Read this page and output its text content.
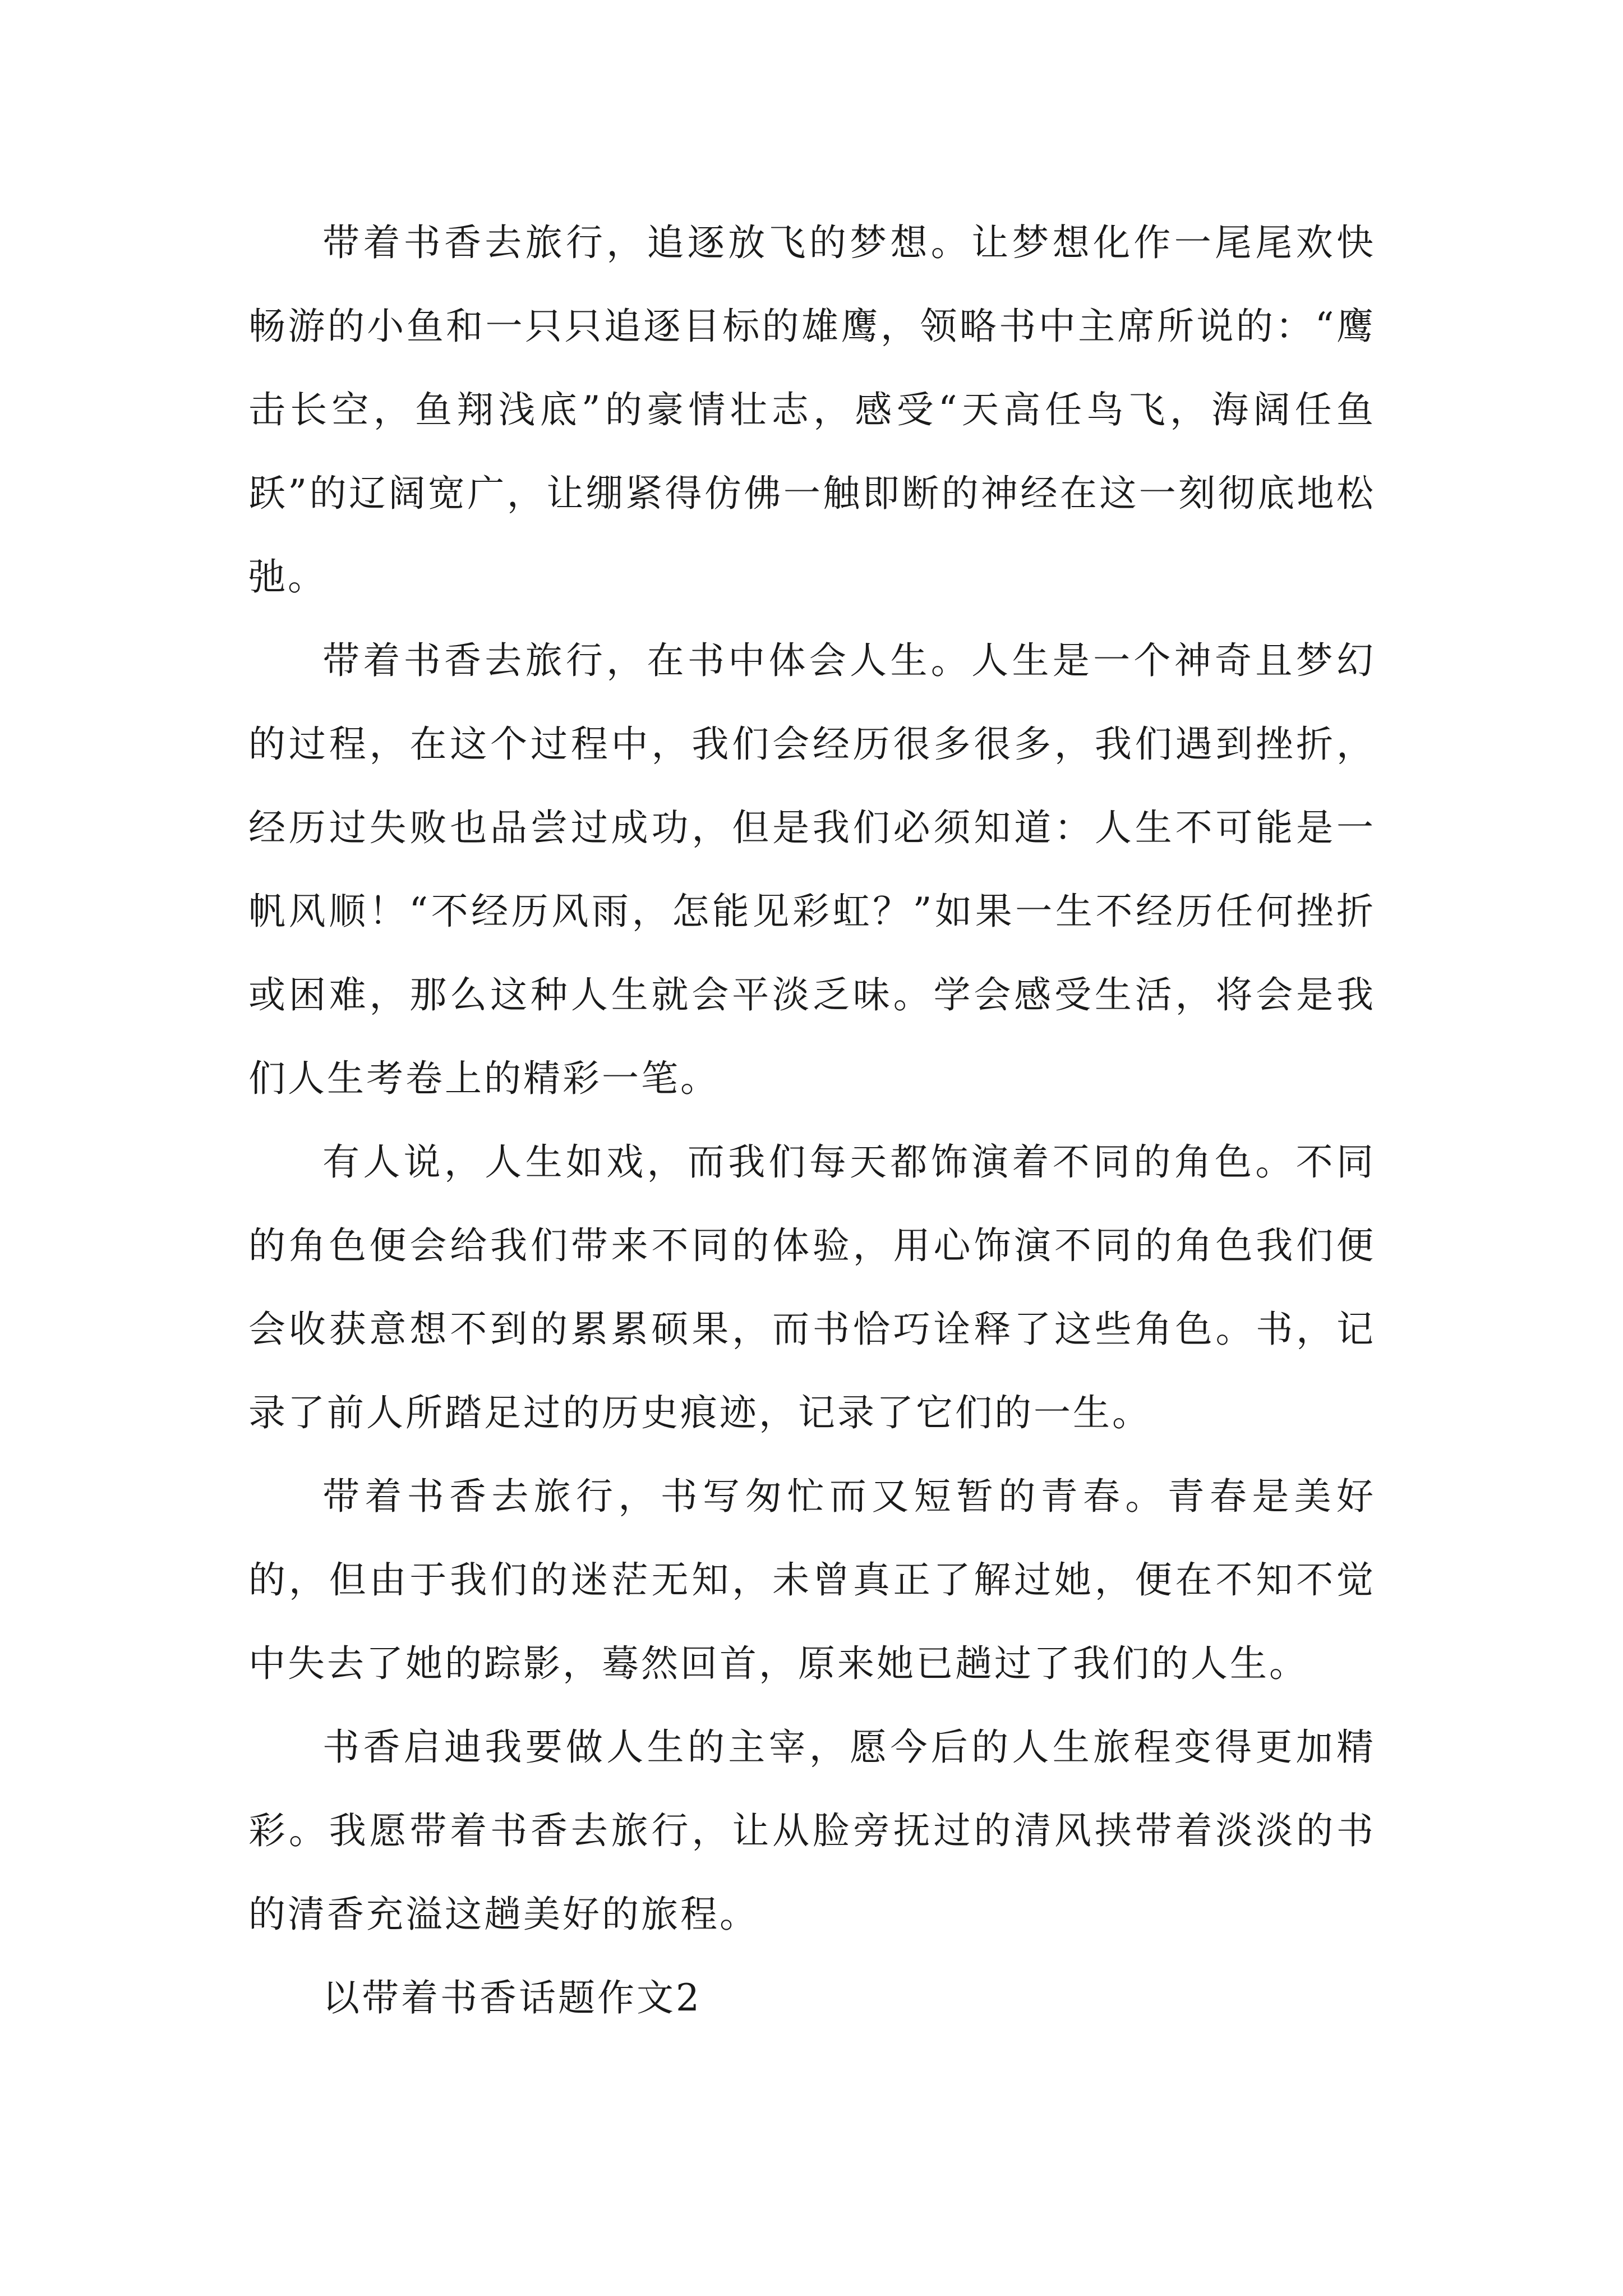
带着书香去旅行，追逐放飞的梦想。让梦想化作一尾尾欢快畅游的小鱼和一只只追逐目标的雄鹰，领略书中主席所说的：“鹰击长空，鱼翔浅底”的豪情壮志，感受“天高任鸟飞，海阔任鱼跃”的辽阔宽广，让绷紧得仿佛一触即断的神经在这一刻彻底地松弛。

带着书香去旅行，在书中体会人生。人生是一个神奇且梦幻的过程，在这个过程中，我们会经历很多很多，我们遇到挫折，经历过失败也品尝过成功，但是我们必须知道：人生不可能是一帆风顺！“不经历风雨，怎能见彩虹？”如果一生不经历任何挫折或困难，那么这种人生就会平淡乏味。学会感受生活，将会是我们人生考卷上的精彩一笔。

有人说，人生如戏，而我们每天都饰演着不同的角色。不同的角色便会给我们带来不同的体验，用心饰演不同的角色我们便会收获意想不到的累累硕果，而书恰巧诠释了这些角色。书，记录了前人所踏足过的历史痕迹，记录了它们的一生。

带着书香去旅行，书写匆忙而又短暂的青春。青春是美好的，但由于我们的迷茫无知，未曾真正了解过她，便在不知不觉中失去了她的踪影，蓦然回首，原来她已趟过了我们的人生。

书香启迪我要做人生的主宰，愿今后的人生旅程变得更加精彩。我愿带着书香去旅行，让从脸旁抚过的清风挟带着淡淡的书的清香充溢这趟美好的旅程。

以带着书香话题作文2
